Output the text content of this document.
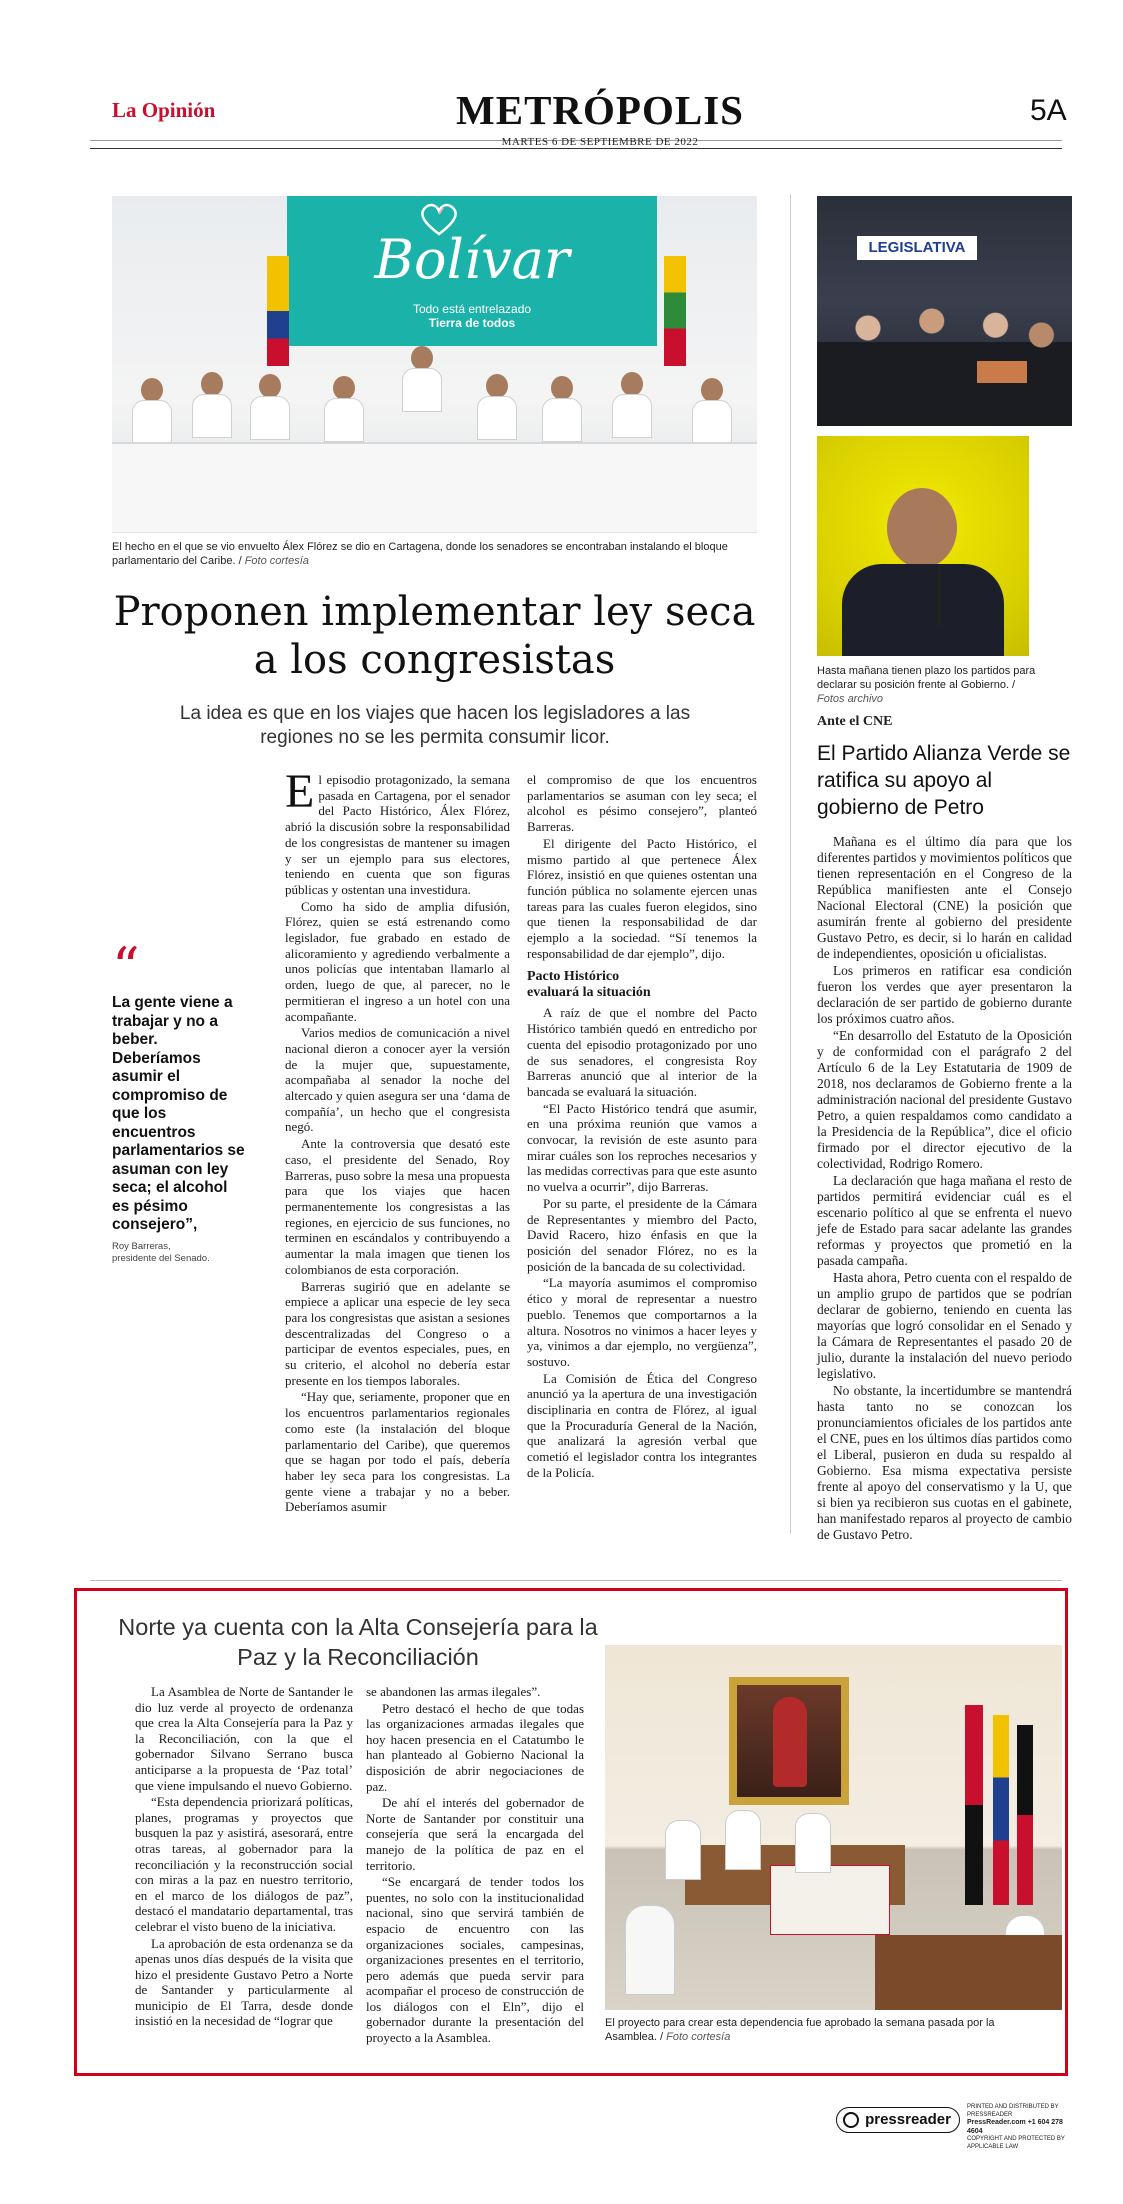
La Opinión	METRÓPOLIS	5A
MARTES 6 DE SEPTIEMBRE DE 2022
Bolívar
Todo está entrelazado
Tierra de todos
El hecho en el que se vio envuelto Álex Flórez se dio en Cartagena, donde los senadores se encontraban instalando el bloque parlamentario del Caribe. / Foto cortesía
Proponen implementar ley seca a los congresistas
La idea es que en los viajes que hacen los legisladores a las regiones no se les permita consumir licor.
“
La gente viene a trabajar y no a beber. Deberíamos asumir el compromiso de que los encuentros parlamentarios se asuman con ley seca; el alcohol es pésimo consejero”,
Roy Barreras,
presidente del Senado.

El episodio protagonizado, la semana pasada en Cartagena, por el senador del Pacto Histórico, Álex Flórez, abrió la discusión sobre la responsabilidad de los congresistas de mantener su imagen y ser un ejemplo para sus electores, teniendo en cuenta que son figuras públicas y ostentan una investidura.

Como ha sido de amplia difusión, Flórez, quien se está estrenando como legislador, fue grabado en estado de alicoramiento y agrediendo verbalmente a unos policías que intentaban llamarlo al orden, luego de que, al parecer, no le permitieran el ingreso a un hotel con una acompañante.

Varios medios de comunicación a nivel nacional dieron a conocer ayer la versión de la mujer que, supuestamente, acompañaba al senador la noche del altercado y quien asegura ser una ‘dama de compañía’, un hecho que el congresista negó.

Ante la controversia que desató este caso, el presidente del Senado, Roy Barreras, puso sobre la mesa una propuesta para que los viajes que hacen permanentemente los congresistas a las regiones, en ejercicio de sus funciones, no terminen en escándalos y contribuyendo a aumentar la mala imagen que tienen los colombianos de esta corporación.

Barreras sugirió que en adelante se empiece a aplicar una especie de ley seca para los congresistas que asistan a sesiones descentralizadas del Congreso o a participar de eventos especiales, pues, en su criterio, el alcohol no debería estar presente en los tiempos laborales.

“Hay que, seriamente, proponer que en los encuentros parlamentarios regionales como este (la instalación del bloque parlamentario del Caribe), que queremos que se hagan por todo el país, debería haber ley seca para los congresistas. La gente viene a trabajar y no a beber. Deberíamos asumir

el compromiso de que los encuentros parlamentarios se asuman con ley seca; el alcohol es pésimo consejero”, planteó Barreras.

El dirigente del Pacto Histórico, el mismo partido al que pertenece Álex Flórez, insistió en que quienes ostentan una función pública no solamente ejercen unas tareas para las cuales fueron elegidos, sino que tienen la responsabilidad de dar ejemplo a la sociedad. “Sí tenemos la responsabilidad de dar ejemplo”, dijo.

Pacto Histórico
evaluará la situación

A raíz de que el nombre del Pacto Histórico también quedó en entredicho por cuenta del episodio protagonizado por uno de sus senadores, el congresista Roy Barreras anunció que al interior de la bancada se evaluará la situación.

“El Pacto Histórico tendrá que asumir, en una próxima reunión que vamos a convocar, la revisión de este asunto para mirar cuáles son los reproches necesarios y las medidas correctivas para que este asunto no vuelva a ocurrir”, dijo Barreras.

Por su parte, el presidente de la Cámara de Representantes y miembro del Pacto, David Racero, hizo énfasis en que la posición del senador Flórez, no es la posición de la bancada de su colectividad.

“La mayoría asumimos el compromiso ético y moral de representar a nuestro pueblo. Tenemos que comportarnos a la altura. Nosotros no vinimos a hacer leyes y ya, vinimos a dar ejemplo, no vergüenza”, sostuvo.

La Comisión de Ética del Congreso anunció ya la apertura de una investigación disciplinaria en contra de Flórez, al igual que la Procuraduría General de la Nación, que analizará la agresión verbal que cometió el legislador contra los integrantes de la Policía.

LEGISLATIVA
Hasta mañana tienen plazo los partidos para declarar su posición frente al Gobierno. /
Fotos archivo
Ante el CNE
El Partido Alianza Verde se ratifica su apoyo al gobierno de Petro

Mañana es el último día para que los diferentes partidos y movimientos políticos que tienen representación en el Congreso de la República manifiesten ante el Consejo Nacional Electoral (CNE) la posición que asumirán frente al gobierno del presidente Gustavo Petro, es decir, si lo harán en calidad de independientes, oposición u oficialistas.

Los primeros en ratificar esa condición fueron los verdes que ayer presentaron la declaración de ser partido de gobierno durante los próximos cuatro años.

“En desarrollo del Estatuto de la Oposición y de conformidad con el parágrafo 2 del Artículo 6 de la Ley Estatutaria de 1909 de 2018, nos declaramos de Gobierno frente a la administración nacional del presidente Gustavo Petro, a quien respaldamos como candidato a la Presidencia de la República”, dice el oficio firmado por el director ejecutivo de la colectividad, Rodrigo Romero.

La declaración que haga mañana el resto de partidos permitirá evidenciar cuál es el escenario político al que se enfrenta el nuevo jefe de Estado para sacar adelante las grandes reformas y proyectos que prometió en la pasada campaña.

Hasta ahora, Petro cuenta con el respaldo de un amplio grupo de partidos que se podrían declarar de gobierno, teniendo en cuenta las mayorías que logró consolidar en el Senado y la Cámara de Representantes el pasado 20 de julio, durante la instalación del nuevo periodo legislativo.

No obstante, la incertidumbre se mantendrá hasta tanto no se conozcan los pronunciamientos oficiales de los partidos ante el CNE, pues en los últimos días partidos como el Liberal, pusieron en duda su respaldo al Gobierno. Esa misma expectativa persiste frente al apoyo del conservatismo y la U, que si bien ya recibieron sus cuotas en el gabinete, han manifestado reparos al proyecto de cambio de Gustavo Petro.

Norte ya cuenta con la Alta Consejería para la Paz y la Reconciliación

La Asamblea de Norte de Santander le dio luz verde al proyecto de ordenanza que crea la Alta Consejería para la Paz y la Reconciliación, con la que el gobernador Silvano Serrano busca anticiparse a la propuesta de ‘Paz total’ que viene impulsando el nuevo Gobierno.

“Esta dependencia priorizará políticas, planes, programas y proyectos que busquen la paz y asistirá, asesorará, entre otras tareas, al gobernador para la reconciliación y la reconstrucción social con miras a la paz en nuestro territorio, en el marco de los diálogos de paz”, destacó el mandatario departamental, tras celebrar el visto bueno de la iniciativa.

La aprobación de esta ordenanza se da apenas unos días después de la visita que hizo el presidente Gustavo Petro a Norte de Santander y particularmente al municipio de El Tarra, desde donde insistió en la necesidad de “lograr que

se abandonen las armas ilegales”.

Petro destacó el hecho de que todas las organizaciones armadas ilegales que hoy hacen presencia en el Catatumbo le han planteado al Gobierno Nacional la disposición de abrir negociaciones de paz.

De ahí el interés del gobernador de Norte de Santander por constituir una consejería que será la encargada del manejo de la política de paz en el territorio.

“Se encargará de tender todos los puentes, no solo con la institucionalidad nacional, sino que servirá también de espacio de encuentro con las organizaciones sociales, campesinas, organizaciones presentes en el territorio, pero además que pueda servir para acompañar el proceso de construcción de los diálogos con el Eln”, dijo el gobernador durante la presentación del proyecto a la Asamblea.

El proyecto para crear esta dependencia fue aprobado la semana pasada por la Asamblea. / Foto cortesía
pressreader
PRINTED AND DISTRIBUTED BY PRESSREADER
PressReader.com +1 604 278 4604
COPYRIGHT AND PROTECTED BY APPLICABLE LAW
